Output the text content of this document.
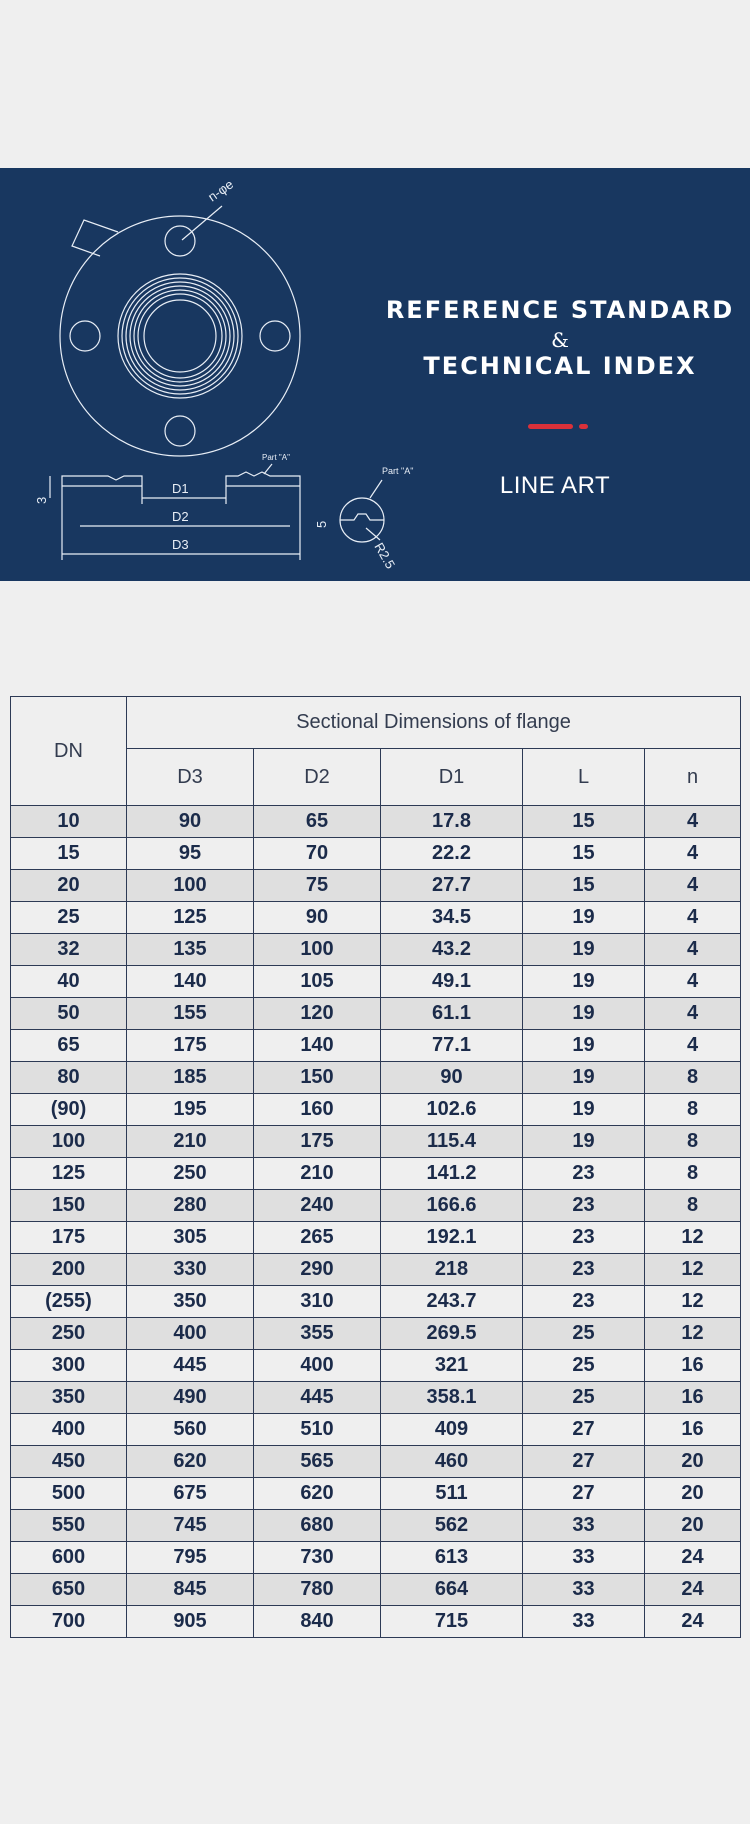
n-φe
Part "A"
Part "A"
D1
D2
D3
3
5
R2.5
REFERENCE STANDARD
&
TECHNICAL INDEX
LINE ART
DN	Sectional Dimensions of flange				
	D3	D2	D1	L	n
10	90	65	17.8	15	4
15	95	70	22.2	15	4
20	100	75	27.7	15	4
25	125	90	34.5	19	4
32	135	100	43.2	19	4
40	140	105	49.1	19	4
50	155	120	61.1	19	4
65	175	140	77.1	19	4
80	185	150	90	19	8
(90)	195	160	102.6	19	8
100	210	175	115.4	19	8
125	250	210	141.2	23	8
150	280	240	166.6	23	8
175	305	265	192.1	23	12
200	330	290	218	23	12
(255)	350	310	243.7	23	12
250	400	355	269.5	25	12
300	445	400	321	25	16
350	490	445	358.1	25	16
400	560	510	409	27	16
450	620	565	460	27	20
500	675	620	511	27	20
550	745	680	562	33	20
600	795	730	613	33	24
650	845	780	664	33	24
700	905	840	715	33	24
